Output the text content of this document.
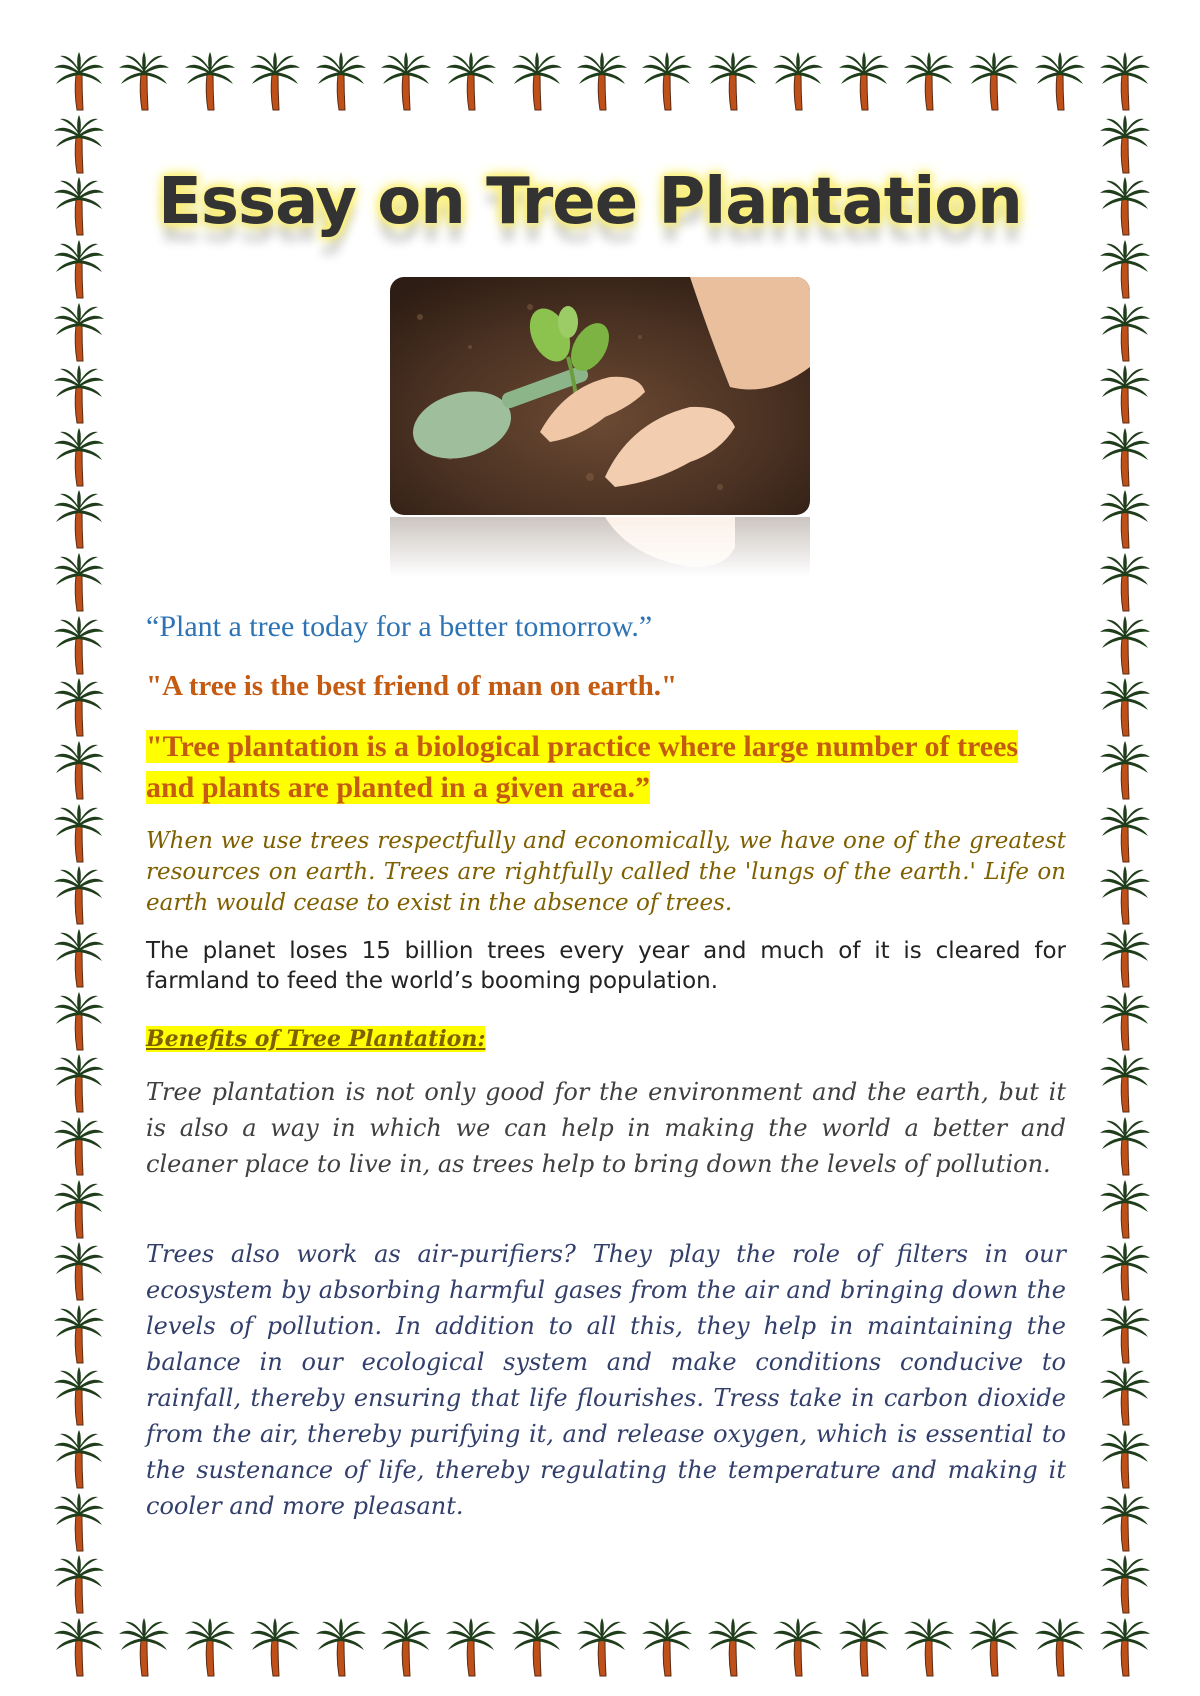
Essay on Tree Plantation
“Plant a tree today for a better tomorrow.”
"A tree is the best friend of man on earth."
"Tree plantation is a biological practice where large number of trees and plants are planted in a given area.”
When we use trees respectfully and economically, we have one of the greatest resources on earth. Trees are rightfully called the 'lungs of the earth.' Life on earth would cease to exist in the absence of trees.
The planet loses 15 billion trees every year and much of it is cleared for farmland to feed the world’s booming population.
Benefits of Tree Plantation:
Tree plantation is not only good for the environment and the earth, but it is also a way in which we can help in making the world a better and cleaner place to live in, as trees help to bring down the levels of pollution.
Trees also work as air-purifiers? They play the role of filters in our ecosystem by absorbing harmful gases from the air and bringing down the levels of pollution. In addition to all this, they help in maintaining the balance in our ecological system and make conditions conducive to rainfall, thereby ensuring that life flourishes. Tress take in carbon dioxide from the air, thereby purifying it, and release oxygen, which is essential to the sustenance of life, thereby regulating the temperature and making it cooler and more pleasant.
